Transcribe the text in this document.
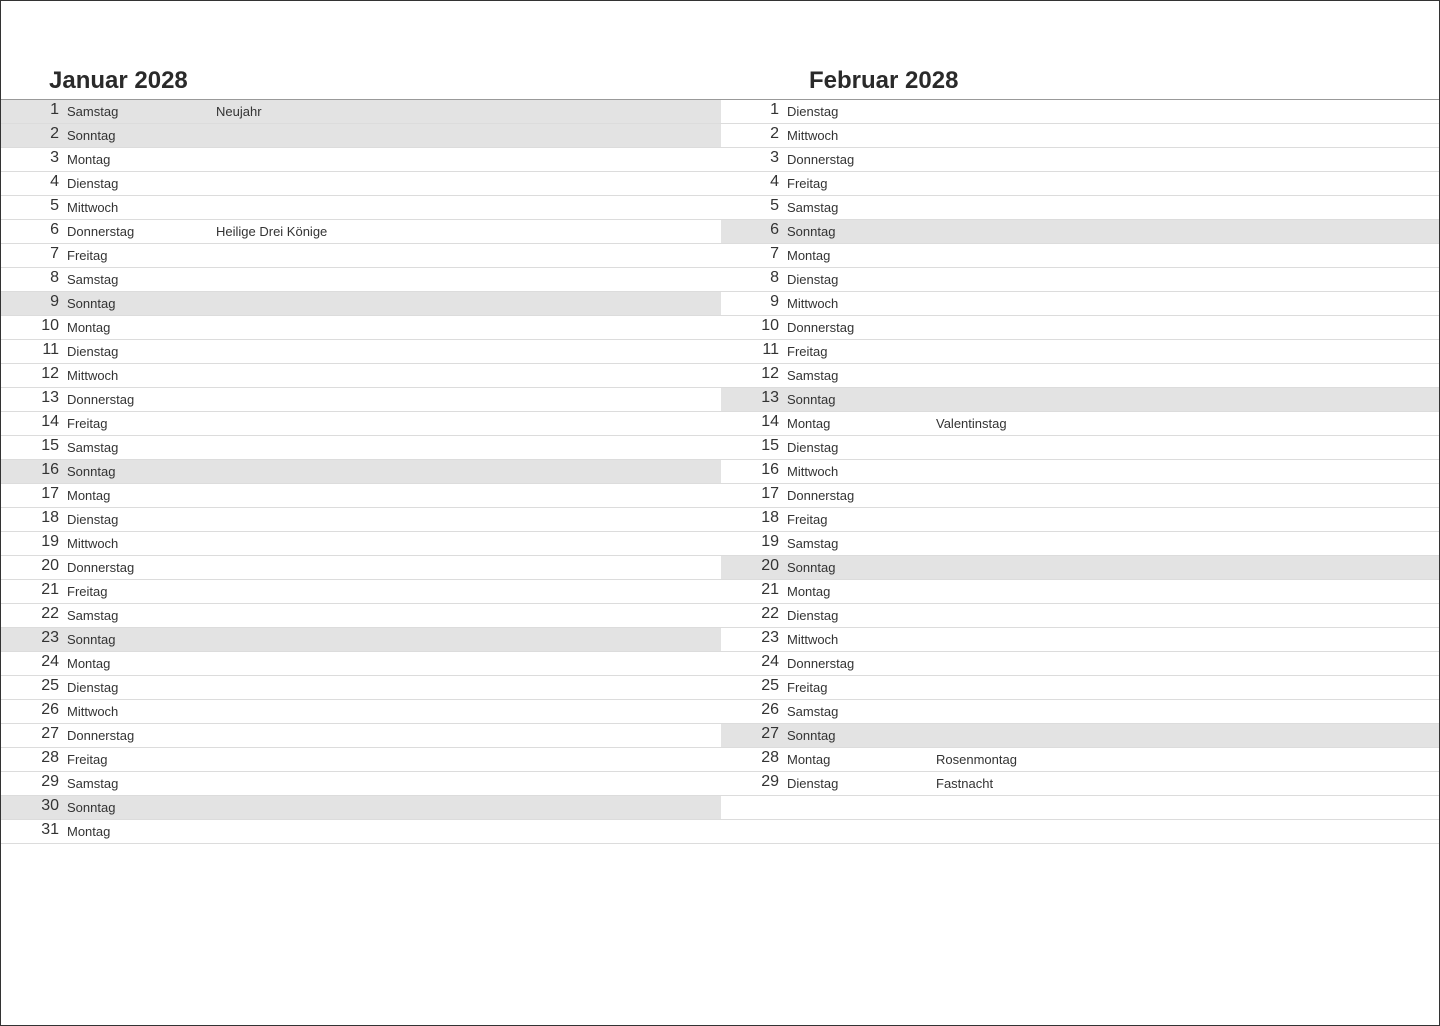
Januar 2028	Februar 2028
1 Samstag	Neujahr
2 Sonntag
3 Montag
4 Dienstag
5 Mittwoch
6 Donnerstag	Heilige Drei Könige
7 Freitag
8 Samstag
9 Sonntag
10 Montag
11 Dienstag
12 Mittwoch
13 Donnerstag
14 Freitag
15 Samstag
16 Sonntag
17 Montag
18 Dienstag
19 Mittwoch
20 Donnerstag
21 Freitag
22 Samstag
23 Sonntag
24 Montag
25 Dienstag
26 Mittwoch
27 Donnerstag
28 Freitag
29 Samstag
30 Sonntag
31 Montag
1 Dienstag
2 Mittwoch
3 Donnerstag
4 Freitag
5 Samstag
6 Sonntag
7 Montag
8 Dienstag
9 Mittwoch
10 Donnerstag
11 Freitag
12 Samstag
13 Sonntag
14 Montag	Valentinstag
15 Dienstag
16 Mittwoch
17 Donnerstag
18 Freitag
19 Samstag
20 Sonntag
21 Montag
22 Dienstag
23 Mittwoch
24 Donnerstag
25 Freitag
26 Samstag
27 Sonntag
28 Montag	Rosenmontag
29 Dienstag	Fastnacht
